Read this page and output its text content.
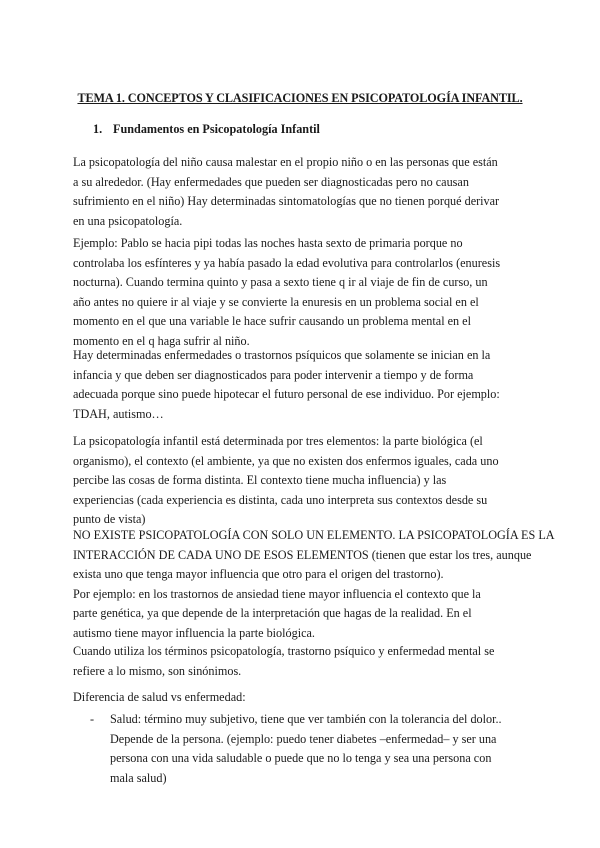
TEMA 1. CONCEPTOS Y CLASIFICACIONES EN PSICOPATOLOGÍA INFANTIL.
1. Fundamentos en Psicopatología Infantil

La psicopatología del niño causa malestar en el propio niño o en las personas que están
a su alrededor. (Hay enfermedades que pueden ser diagnosticadas pero no causan
sufrimiento en el niño) Hay determinadas sintomatologías que no tienen porqué derivar
en una psicopatología.

Ejemplo: Pablo se hacia pipi todas las noches hasta sexto de primaria porque no
controlaba los esfínteres y ya había pasado la edad evolutiva para controlarlos (enuresis
nocturna). Cuando termina quinto y pasa a sexto tiene q ir al viaje de fin de curso, un
año antes no quiere ir al viaje y se convierte la enuresis en un problema social en el
momento en el que una variable le hace sufrir causando un problema mental en el
momento en el q haga sufrir al niño.

Hay determinadas enfermedades o trastornos psíquicos que solamente se inician en la
infancia y que deben ser diagnosticados para poder intervenir a tiempo y de forma
adecuada porque sino puede hipotecar el futuro personal de ese individuo. Por ejemplo:
TDAH, autismo…

La psicopatología infantil está determinada por tres elementos: la parte biológica (el
organismo), el contexto (el ambiente, ya que no existen dos enfermos iguales, cada uno
percibe las cosas de forma distinta. El contexto tiene mucha influencia) y las
experiencias (cada experiencia es distinta, cada uno interpreta sus contextos desde su
punto de vista)

NO EXISTE PSICOPATOLOGÍA CON SOLO UN ELEMENTO. LA PSICOPATOLOGÍA ES LA
INTERACCIÓN DE CADA UNO DE ESOS ELEMENTOS (tienen que estar los tres, aunque
exista uno que tenga mayor influencia que otro para el origen del trastorno).
Por ejemplo: en los trastornos de ansiedad tiene mayor influencia el contexto que la
parte genética, ya que depende de la interpretación que hagas de la realidad. En el
autismo tiene mayor influencia la parte biológica.

Cuando utiliza los términos psicopatología, trastorno psíquico y enfermedad mental se
refiere a lo mismo, son sinónimos.

Diferencia de salud vs enfermedad:

- Salud: término muy subjetivo, tiene que ver también con la tolerancia del dolor..
Depende de la persona. (ejemplo: puedo tener diabetes –enfermedad– y ser una
persona con una vida saludable o puede que no lo tenga y sea una persona con
mala salud)
